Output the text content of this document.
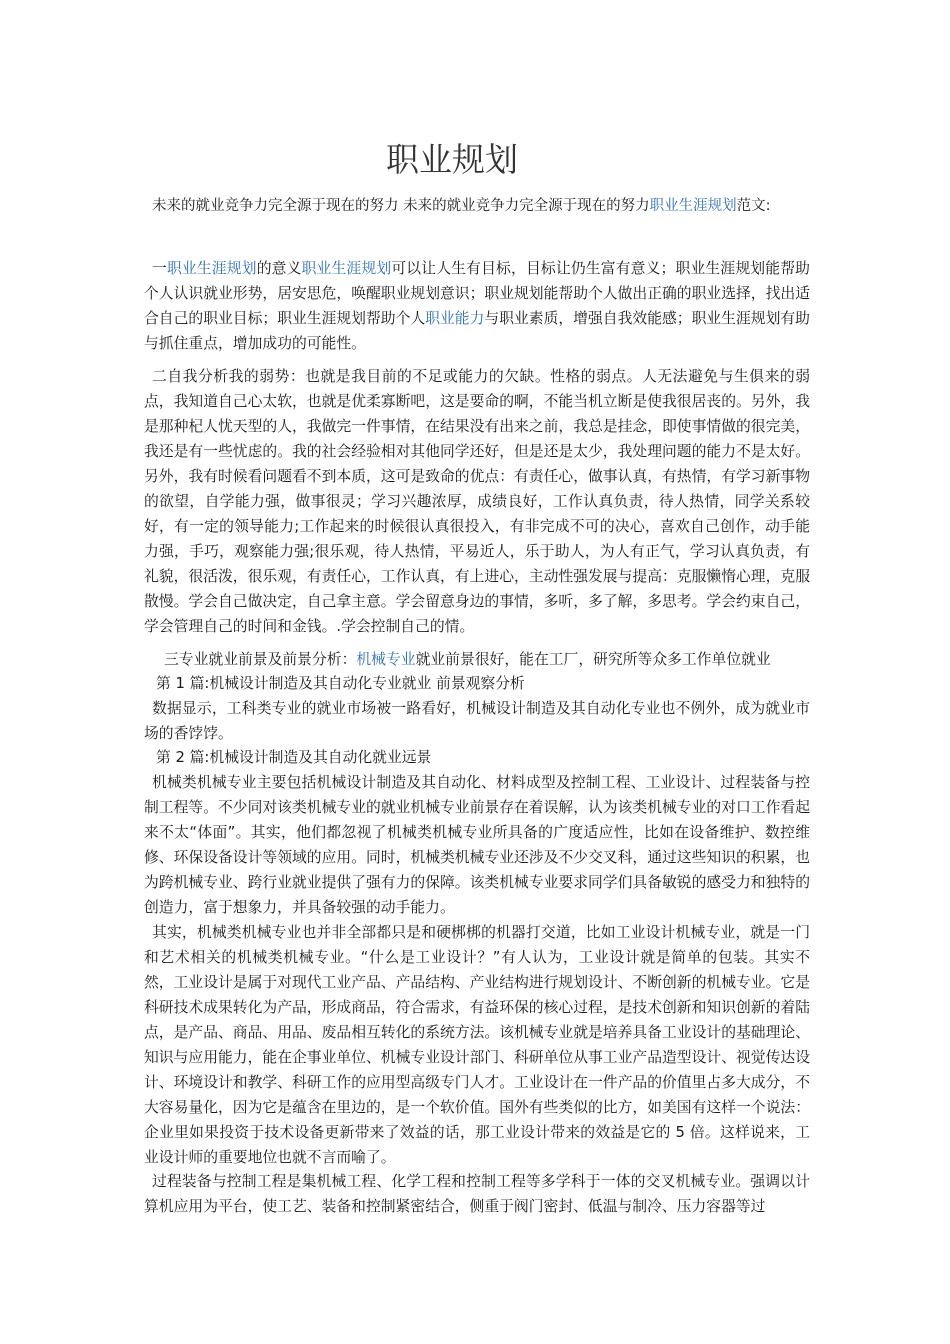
职业规划

未来的就业竞争力完全源于现在的努力 未来的就业竞争力完全源于现在的努力职业生涯规划范文:

一职业生涯规划的意义职业生涯规划可以让人生有目标，目标让仍生富有意义；职业生涯规划能帮助个人认识就业形势，居安思危，唤醒职业规划意识；职业规划能帮助个人做出正确的职业选择，找出适合自己的职业目标；职业生涯规划帮助个人职业能力与职业素质，增强自我效能感；职业生涯规划有助与抓住重点，增加成功的可能性。

二自我分析我的弱势：也就是我目前的不足或能力的欠缺。性格的弱点。人无法避免与生俱来的弱点，我知道自己心太软，也就是优柔寡断吧，这是要命的啊，不能当机立断是使我很居丧的。另外，我是那种杞人忧天型的人，我做完一件事情，在结果没有出来之前，我总是挂念，即使事情做的很完美，我还是有一些忧虑的。我的社会经验相对其他同学还好，但是还是太少，我处理问题的能力不是太好。另外，我有时候看问题看不到本质，这可是致命的优点：有责任心，做事认真，有热情，有学习新事物的欲望，自学能力强，做事很灵；学习兴趣浓厚，成绩良好，工作认真负责，待人热情，同学关系较好，有一定的领导能力;工作起来的时候很认真很投入，有非完成不可的决心，喜欢自己创作，动手能力强，手巧，观察能力强;很乐观，待人热情，平易近人，乐于助人，为人有正气，学习认真负责，有礼貌，很活泼，很乐观，有责任心，工作认真，有上进心，主动性强发展与提高：克服懒惰心理，克服散慢。学会自己做决定，自己拿主意。学会留意身边的事情，多听，多了解，多思考。学会约束自己，学会管理自己的时间和金钱。.学会控制自己的情。

三专业就业前景及前景分析：机械专业就业前景很好，能在工厂，研究所等众多工作单位就业

第 1 篇:机械设计制造及其自动化专业就业 前景观察分析

数据显示，工科类专业的就业市场被一路看好，机械设计制造及其自动化专业也不例外，成为就业市场的香饽饽。

第 2 篇:机械设计制造及其自动化就业远景

机械类机械专业主要包括机械设计制造及其自动化、材料成型及控制工程、工业设计、过程装备与控制工程等。不少同对该类机械专业的就业机械专业前景存在着误解，认为该类机械专业的对口工作看起来不太“体面”。其实，他们都忽视了机械类机械专业所具备的广度适应性，比如在设备维护、数控维修、环保设备设计等领域的应用。同时，机械类机械专业还涉及不少交叉科，通过这些知识的积累，也为跨机械专业、跨行业就业提供了强有力的保障。该类机械专业要求同学们具备敏锐的感受力和独特的创造力，富于想象力，并具备较强的动手能力。

其实，机械类机械专业也并非全部都只是和硬梆梆的机器打交道，比如工业设计机械专业，就是一门和艺术相关的机械类机械专业。“什么是工业设计？”有人认为，工业设计就是简单的包装。其实不然，工业设计是属于对现代工业产品、产品结构、产业结构进行规划设计、不断创新的机械专业。它是科研技术成果转化为产品，形成商品，符合需求，有益环保的核心过程，是技术创新和知识创新的着陆点，是产品、商品、用品、废品相互转化的系统方法。该机械专业就是培养具备工业设计的基础理论、知识与应用能力，能在企事业单位、机械专业设计部门、科研单位从事工业产品造型设计、视觉传达设计、环境设计和教学、科研工作的应用型高级专门人才。工业设计在一件产品的价值里占多大成分，不大容易量化，因为它是蕴含在里边的，是一个软价值。国外有些类似的比方，如美国有这样一个说法：企业里如果投资于技术设备更新带来了效益的话，那工业设计带来的效益是它的 5 倍。这样说来，工业设计师的重要地位也就不言而喻了。

过程装备与控制工程是集机械工程、化学工程和控制工程等多学科于一体的交叉机械专业。强调以计算机应用为平台，使工艺、装备和控制紧密结合，侧重于阀门密封、低温与制冷、压力容器等过
